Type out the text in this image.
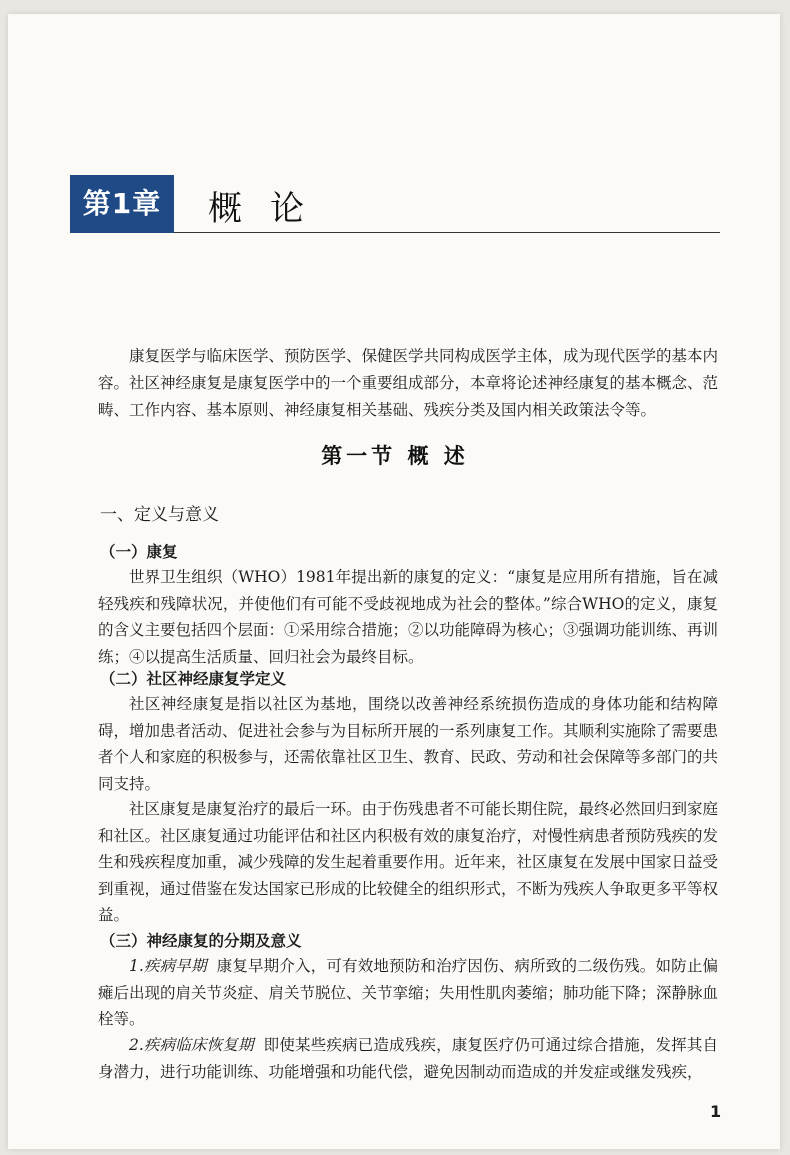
第1章	概论

康复医学与临床医学、预防医学、保健医学共同构成医学主体，成为现代医学的基本内容。社区神经康复是康复医学中的一个重要组成部分，本章将论述神经康复的基本概念、范畴、工作内容、基本原则、神经康复相关基础、残疾分类及国内相关政策法令等。

第一节 概 述
一、定义与意义
（一）康复

世界卫生组织（WHO）1981年提出新的康复的定义：“康复是应用所有措施，旨在减轻残疾和残障状况，并使他们有可能不受歧视地成为社会的整体。”综合WHO的定义，康复的含义主要包括四个层面：①采用综合措施；②以功能障碍为核心；③强调功能训练、再训练；④以提高生活质量、回归社会为最终目标。

（二）社区神经康复学定义

社区神经康复是指以社区为基地，围绕以改善神经系统损伤造成的身体功能和结构障碍，增加患者活动、促进社会参与为目标所开展的一系列康复工作。其顺利实施除了需要患者个人和家庭的积极参与，还需依靠社区卫生、教育、民政、劳动和社会保障等多部门的共同支持。

社区康复是康复治疗的最后一环。由于伤残患者不可能长期住院，最终必然回归到家庭和社区。社区康复通过功能评估和社区内积极有效的康复治疗，对慢性病患者预防残疾的发生和残疾程度加重，减少残障的发生起着重要作用。近年来，社区康复在发展中国家日益受到重视，通过借鉴在发达国家已形成的比较健全的组织形式，不断为残疾人争取更多平等权益。

（三）神经康复的分期及意义

1.疾病早期 康复早期介入，可有效地预防和治疗因伤、病所致的二级伤残。如防止偏瘫后出现的肩关节炎症、肩关节脱位、关节挛缩；失用性肌肉萎缩；肺功能下降；深静脉血栓等。

2.疾病临床恢复期 即使某些疾病已造成残疾，康复医疗仍可通过综合措施，发挥其自身潜力，进行功能训练、功能增强和功能代偿，避免因制动而造成的并发症或继发残疾，

1
